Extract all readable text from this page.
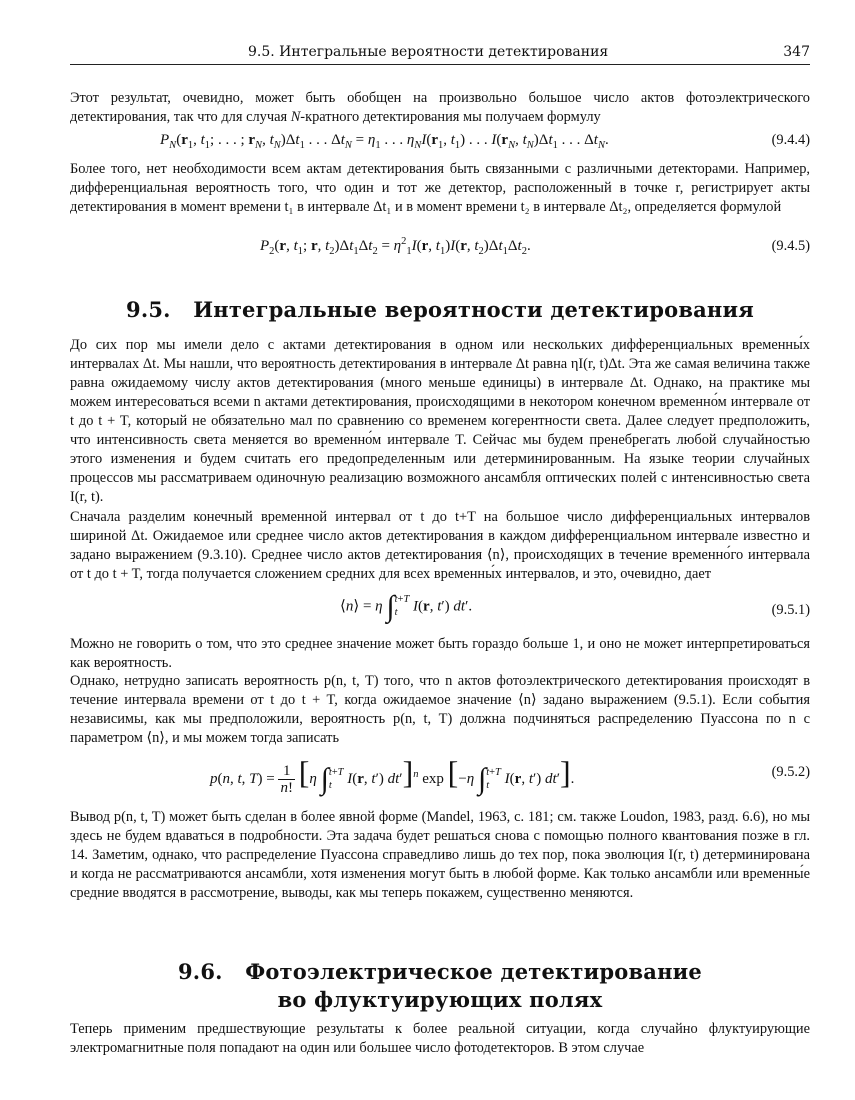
9.5. Интегральные вероятности детектирования	347

Этот результат, очевидно, может быть обобщен на произвольно большое число актов фотоэлектрического детектирования, так что для случая N-кратного детектирования мы получаем формулу

$P_N(r_1$, $t_1$; . . . ; $r_N$, $t_N)\Delta t_1$ . . . $\Delta t_N = \eta_1$ . . . $\eta_NI(r_1$, $t_1$) . . . $I(r_N$, $t_N)\Delta t_1$ . . . $\Delta t_N$.	(9.4.4)

Более того, нет необходимости всем актам детектирования быть связанными с различными детекторами. Например, дифференциальная вероятность того, что один и тот же детектор, расположенный в точке r, регистрирует акты детектирования в момент времени t₁ в интервале Δt₁ и в момент времени t₂ в интервале Δt₂, определяется формулой

$P_2(r$, $t_1$; r, $t_2)\Delta t_1\Delta t_2 = \eta^2_1I(r$, $t_1)I(r$, $t_2)\Delta t_1\Delta t_2$.	(9.4.5)
9.5. Интегральные вероятности детектирования

До сих пор мы имели дело с актами детектирования в одном или нескольких дифференциальных временны́х интервалах Δt. Мы нашли, что вероятность детектирования в интервале Δt равна ηI(r, t)Δt. Эта же самая величина также равна ожидаемому числу актов детектирования (много меньше единицы) в интервале Δt. Однако, на практике мы можем интересоваться всеми n актами детектирования, происходящими в некотором конечном временно́м интервале от t до t + T, который не обязательно мал по сравнению со временем когерентности света. Далее следует предположить, что интенсивность света меняется во временно́м интервале T. Сейчас мы будем пренебрегать любой случайностью этого изменения и будем считать его предопределенным или детерминированным. На языке теории случайных процессов мы рассматриваем одиночную реализацию возможного ансамбля оптических полей с интенсивностью света I(r, t).

Сначала разделим конечный временной интервал от t до t+T на большое число дифференциальных интервалов шириной Δt. Ожидаемое или среднее число актов детектирования в каждом дифференциальном интервале известно и задано выражением (9.3.10). Среднее число актов детектирования ⟨n⟩, происходящих в течение временно́го интервала от t до t + T, тогда получается сложением средних для всех временны́х интервалов, и это, очевидно, дает

⟨n⟩ = η ∫t+T
t I(r, t′) dt′.	(9.5.1)

Можно не говорить о том, что это среднее значение может быть гораздо больше 1, и оно не может интерпретироваться как вероятность.

Однако, нетрудно записать вероятность p(n, t, T) того, что n актов фотоэлектрического детектирования происходят в течение интервала времени от t до t + T, когда ожидаемое значение ⟨n⟩ задано выражением (9.5.1). Если события независимы, как мы предположили, вероятность p(n, t, T) должна подчиняться распределению Пуассона по n с параметром ⟨n⟩, и мы можем тогда записать

p(n, t, T) = 1
n! [η ∫t+T
t I(r, t′) dt′]$^n$ exp [−η ∫t+T
t I(r, t′) dt′].	(9.5.2)

Вывод p(n, t, T) может быть сделан в более явной форме (Mandel, 1963, с. 181; см. также Loudon, 1983, разд. 6.6), но мы здесь не будем вдаваться в подробности. Эта задача будет решаться снова с помощью полного квантования позже в гл. 14. Заметим, однако, что распределение Пуассона справедливо лишь до тех пор, пока эволюция I(r, t) детерминирована и когда не рассматриваются ансамбли, хотя изменения могут быть в любой форме. Как только ансамбли или временны́е средние вводятся в рассмотрение, выводы, как мы теперь покажем, существенно меняются.

9.6. Фотоэлектрическое детектирование
во флуктуирующих полях

Теперь применим предшествующие результаты к более реальной ситуации, когда случайно флуктуирующие электромагнитные поля попадают на один или большее число фотодетекторов. В этом случае
